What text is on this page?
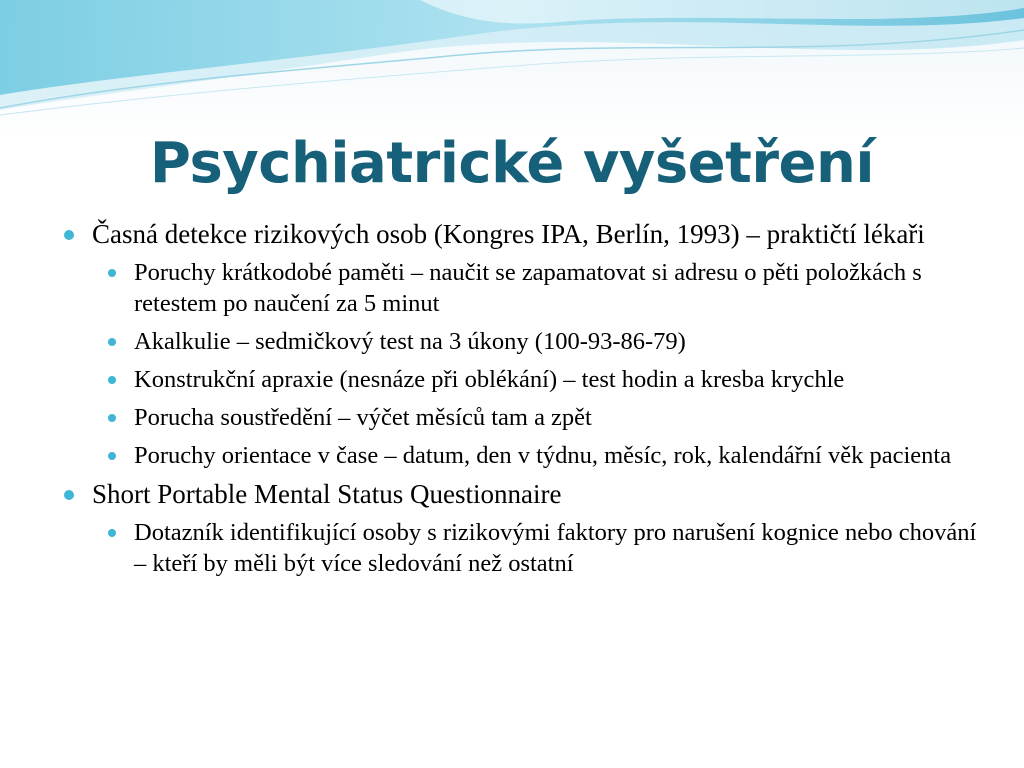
Psychiatrické vyšetření
Časná detekce rizikových osob (Kongres IPA, Berlín, 1993) – praktičtí lékaři
Poruchy krátkodobé paměti – naučit se zapamatovat si adresu o pěti položkách s retestem po naučení za 5 minut
Akalkulie – sedmičkový test na 3 úkony (100-93-86-79)
Konstrukční apraxie (nesnáze při oblékání) – test hodin a kresba krychle
Porucha soustředění – výčet měsíců tam a zpět
Poruchy orientace v čase – datum, den v týdnu, měsíc, rok, kalendářní věk pacienta
Short Portable Mental Status Questionnaire
Dotazník identifikující osoby s rizikovými faktory pro narušení kognice nebo chování – kteří by měli být více sledování než ostatní
